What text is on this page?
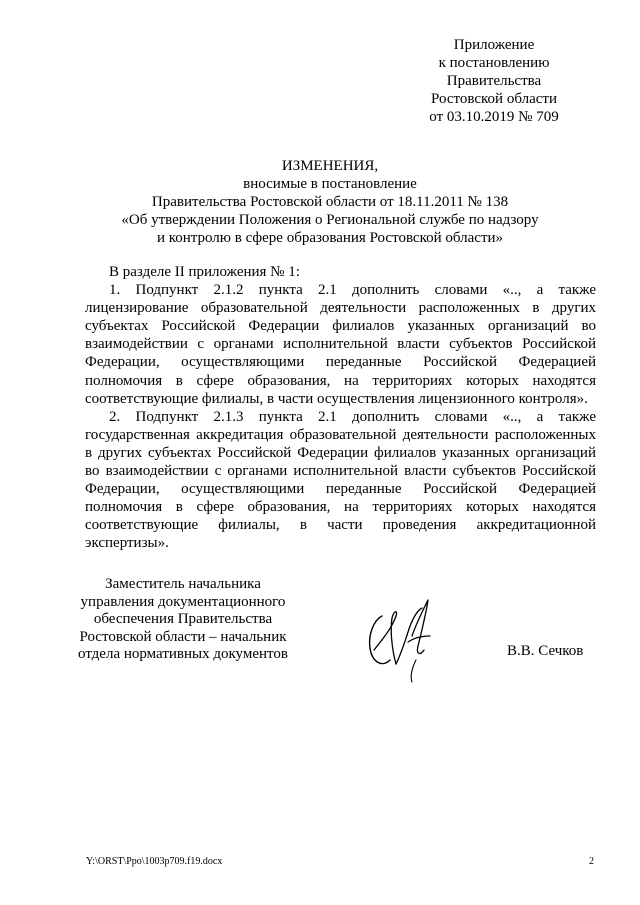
Приложение
к постановлению
Правительства
Ростовской области
от 03.10.2019 № 709
ИЗМЕНЕНИЯ,
вносимые в постановление
Правительства Ростовской области от 18.11.2011 № 138
«Об утверждении Положения о Региональной службе по надзору
и контролю в сфере образования Ростовской области»

В разделе II приложения № 1:

1. Подпункт 2.1.2 пункта 2.1 дополнить словами «.., а также лицензирование образовательной деятельности расположенных в других субъектах Российской Федерации филиалов указанных организаций во взаимодействии с органами исполнительной власти субъектов Российской Федерации, осуществляющими переданные Российской Федерацией полномочия в сфере образования, на территориях которых находятся соответствующие филиалы, в части осуществления лицензионного контроля».

2. Подпункт 2.1.3 пункта 2.1 дополнить словами «.., а также государственная аккредитация образовательной деятельности расположенных в других субъектах Российской Федерации филиалов указанных организаций во взаимодействии с органами исполнительной власти субъектов Российской Федерации, осуществляющими переданные Российской Федерацией полномочия в сфере образования, на территориях которых находятся соответствующие филиалы, в части проведения аккредитационной экспертизы».

Заместитель начальника
управления документационного
обеспечения Правительства
Ростовской области – начальник
отдела нормативных документов	В.В. Сечков
Y:\ORST\Ppo\1003p709.f19.docx	2
